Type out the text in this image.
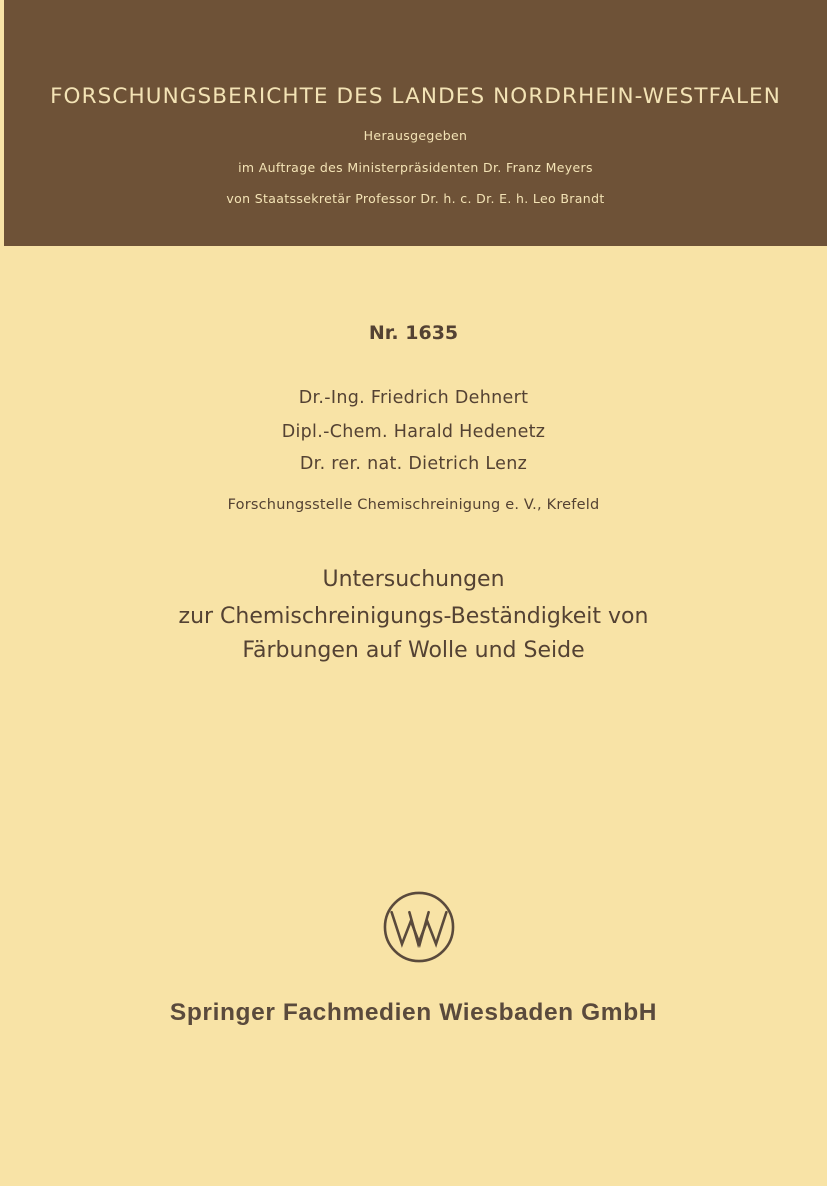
FORSCHUNGSBERICHTE DES LANDES NORDRHEIN-WESTFALEN
Herausgegeben
im Auftrage des Ministerpräsidenten Dr. Franz Meyers
von Staatssekretär Professor Dr. h. c. Dr. E. h. Leo Brandt
Nr. 1635
Dr.-Ing. Friedrich Dehnert
Dipl.-Chem. Harald Hedenetz
Dr. rer. nat. Dietrich Lenz
Forschungsstelle Chemischreinigung e. V., Krefeld
Untersuchungen
zur Chemischreinigungs-Beständigkeit von
Färbungen auf Wolle und Seide
Springer Fachmedien Wiesbaden GmbH
